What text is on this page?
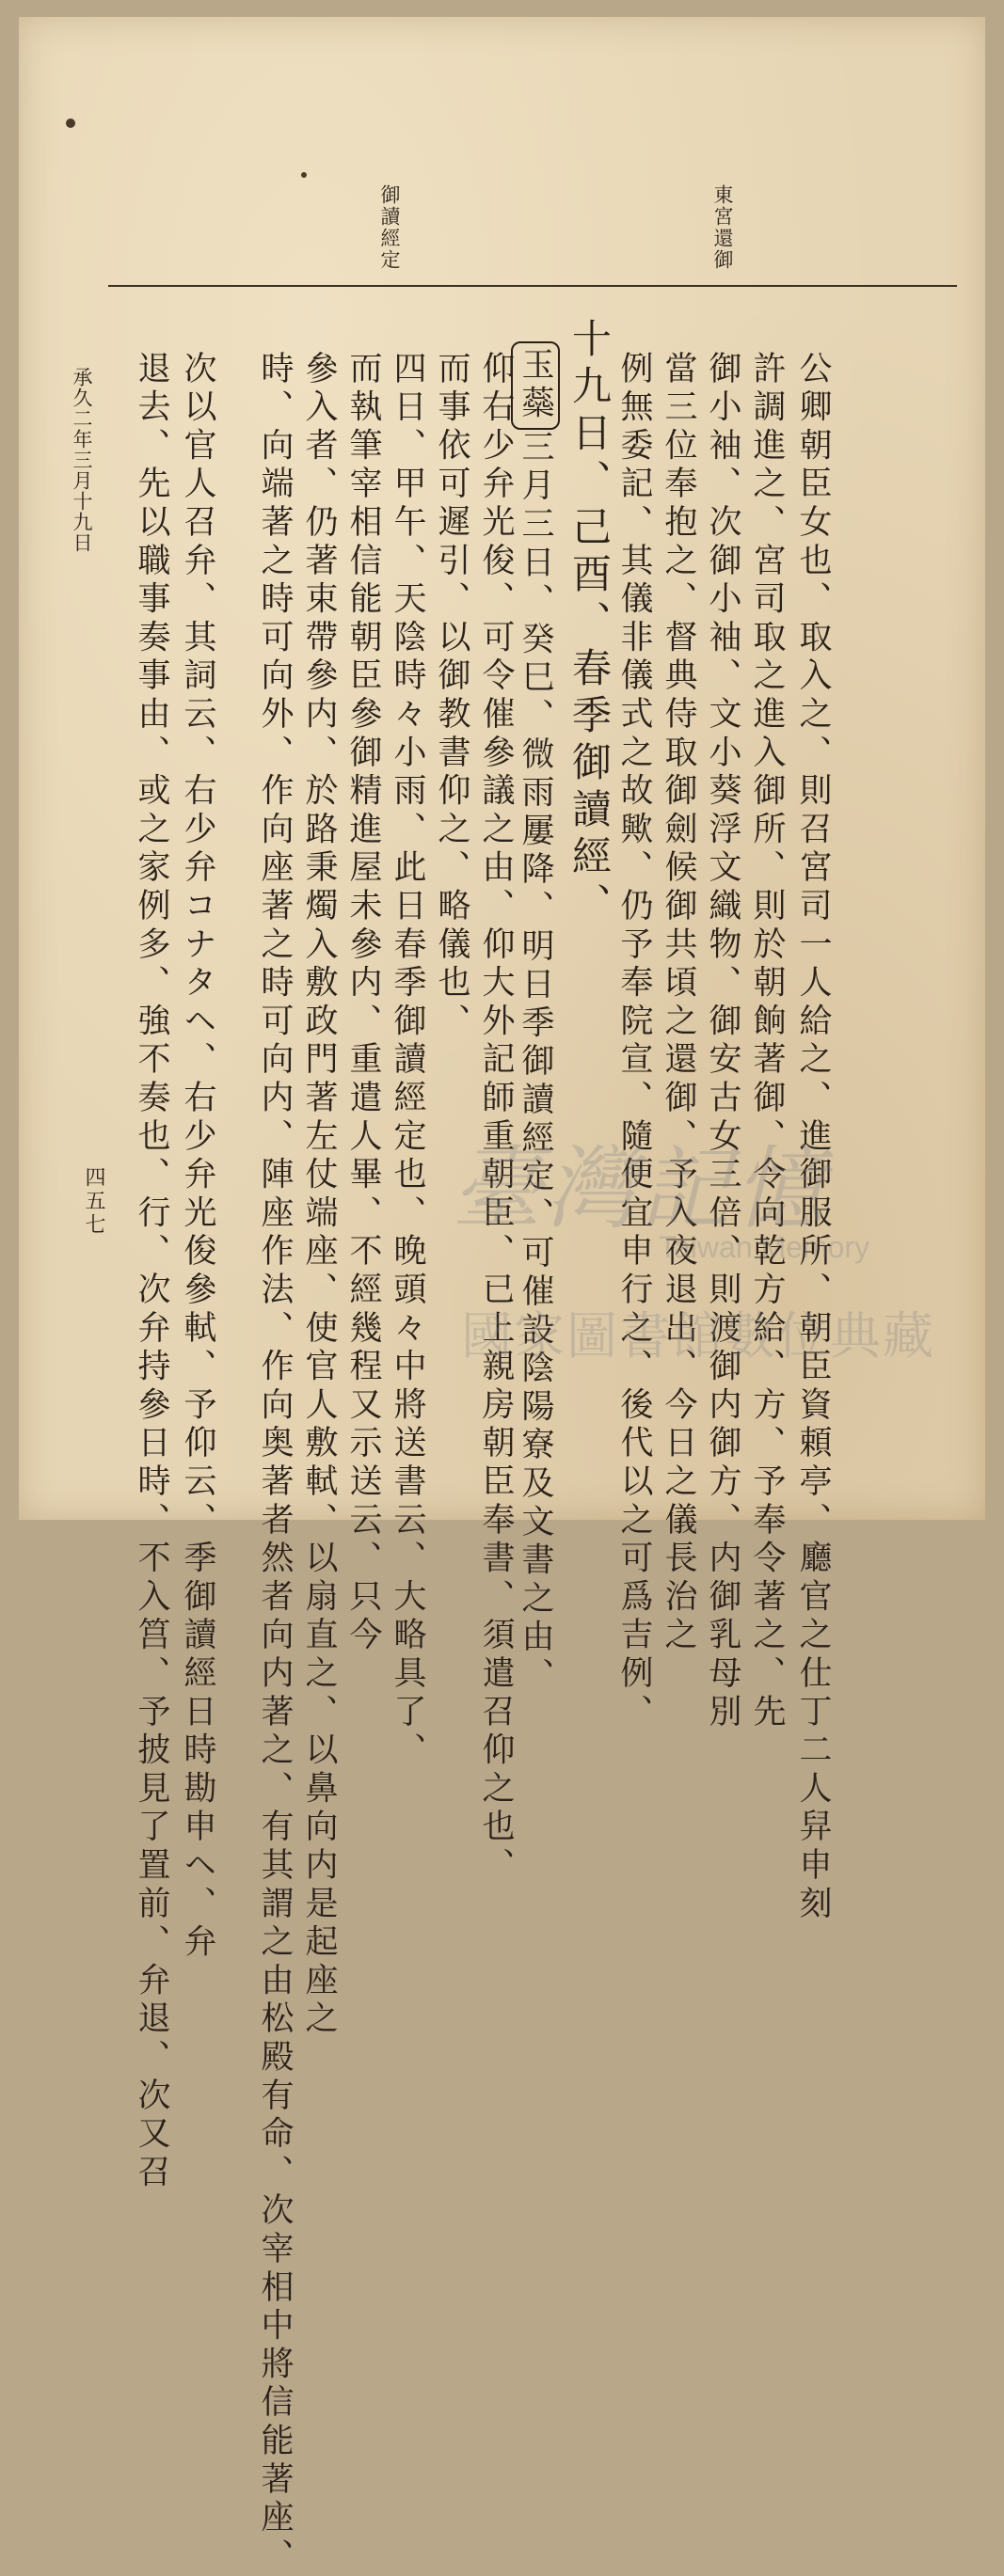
東宮還御
御讀經定
公卿朝臣女也、取入之、則召宮司一人給之、進御服所、朝臣資頼亭、廳官之仕丁二人舁申刻
許調進之、宮司取之進入御所、則於朝餉著御、令向乾方給、方、予奉令著之、先
御小袖、次御小袖、文小葵浮文織物、御安古女三倍、則渡御内御方、内御乳母別
當三位奉抱之、督典侍取御劍候御共頃之還御、予入夜退出、今日之儀長治之
例無委記、其儀非儀式之故歟、仍予奉院宣、隨便宜申行之、後代以之可爲吉例、
十九日、己酉、春季御讀經、
玉蘂三月三日、癸巳、微雨屢降、明日季御讀經定、可催設陰陽寮及文書之由、
仰右少弁光俊、可令催參議之由、仰大外記師重朝臣、已上親房朝臣奉書、須遣召仰之也、
而事依可遲引、以御教書仰之、略儀也、
四日、甲午、天陰時々小雨、此日春季御讀經定也、晚頭々中將送書云、大略具了、
而執筆宰相信能朝臣參御精進屋未參内、重遣人畢、不經幾程又示送云、只今
參入者、仍著束帶參内、於路秉燭入敷政門著左仗端座、使官人敷軾、以扇直之、以鼻向内是起座之
時、向端著之時可向外、作向座著之時可向内、陣座作法、作向奥著者然者向内著之、有其謂之由松殿有命、次宰相中將信能著座、
次以官人召弁、其詞云、右少弁コナタヘ、右少弁光俊參軾、予仰云、季御讀經日時勘申ヘ、弁
退去、先以職事奏事由、或之家例多、強不奏也、行、次弁持參日時、不入筥、予披見了置前、弁退、次又召
承久二年三月十九日
四五七	臺灣記憶
Taiwan Memory
國家圖書館數位典藏
